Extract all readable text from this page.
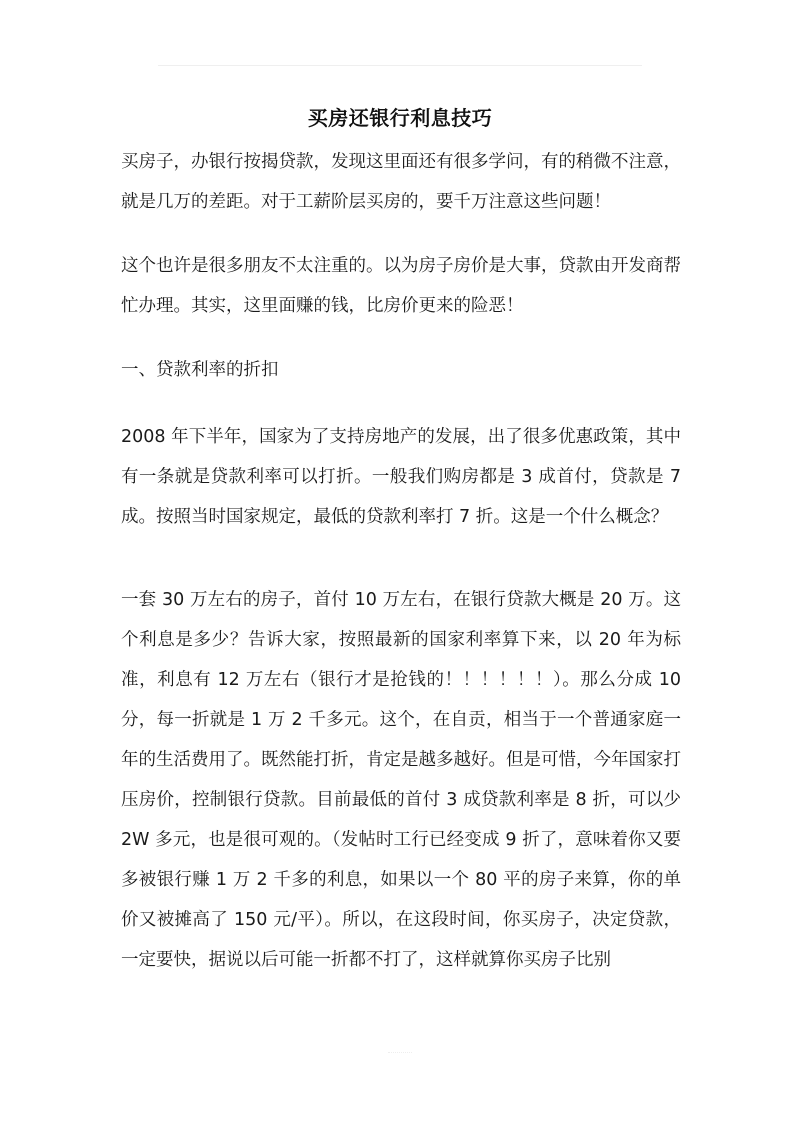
买房还银行利息技巧

买房子，办银行按揭贷款，发现这里面还有很多学问，有的稍微不注意，就是几万的差距。对于工薪阶层买房的，要千万注意这些问题！

这个也许是很多朋友不太注重的。以为房子房价是大事，贷款由开发商帮忙办理。其实，这里面赚的钱，比房价更来的险恶！

一、贷款利率的折扣

2008 年下半年，国家为了支持房地产的发展，出了很多优惠政策，其中有一条就是贷款利率可以打折。一般我们购房都是 3 成首付，贷款是 7 成。按照当时国家规定，最低的贷款利率打 7 折。这是一个什么概念？

一套 30 万左右的房子，首付 10 万左右，在银行贷款大概是 20 万。这个利息是多少？告诉大家，按照最新的国家利率算下来，以 20 年为标准，利息有 12 万左右（银行才是抢钱的！！！！！！）。那么分成 10 分，每一折就是 1 万 2 千多元。这个，在自贡，相当于一个普通家庭一年的生活费用了。既然能打折，肯定是越多越好。但是可惜，今年国家打压房价，控制银行贷款。目前最低的首付 3 成贷款利率是 8 折，可以少 2W 多元，也是很可观的。（发帖时工行已经变成 9 折了，意味着你又要多被银行赚 1 万 2 千多的利息，如果以一个 80 平的房子来算，你的单价又被摊高了 150 元/平）。所以，在这段时间，你买房子，决定贷款，一定要快，据说以后可能一折都不打了，这样就算你买房子比别
